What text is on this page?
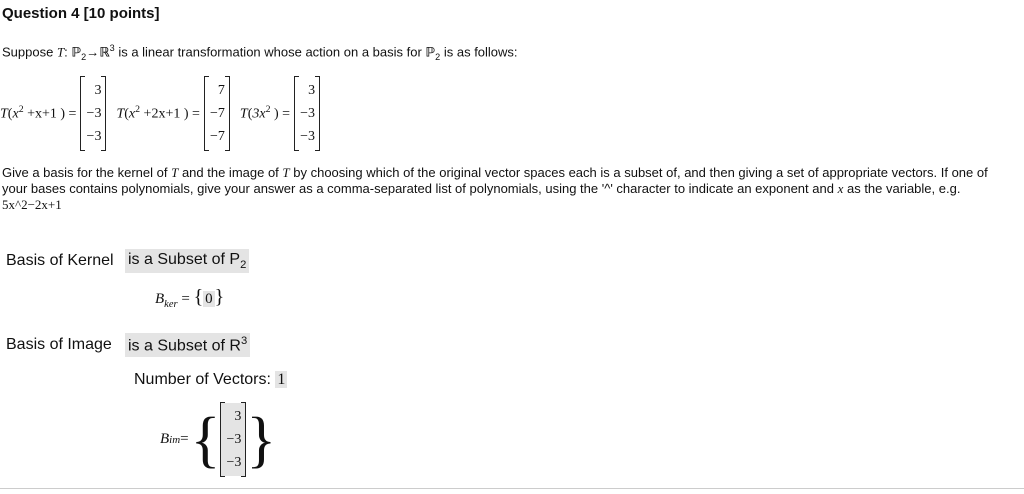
Question 4 [10 points]
Suppose T: ℙ$_2$→ℝ$^3$ is a linear transformation whose action on a basis for ℙ$_2$ is as follows:
$T(x^2 +x+1$ ) =
3
−3
−3
$T(x^2 +2x+1$ ) =
7
−7
−7
$T(3x^2$ ) =
3
−3
−3
Give a basis for the kernel of T and the image of T by choosing which of the original vector spaces each is a subset of, and then giving a set of appropriate vectors. If one of your bases contains polynomials, give your answer as a comma-separated list of polynomials, using the '^' character to indicate an exponent and x as the variable, e.g. 5x^2−2x+1
Basis of Kernel is a Subset of $P_2$
$B_{ker}$ = { 0 }
Basis of Image is a Subset of $R^3$
Number of Vectors: 1
B im = {	3
−3
−3 }
